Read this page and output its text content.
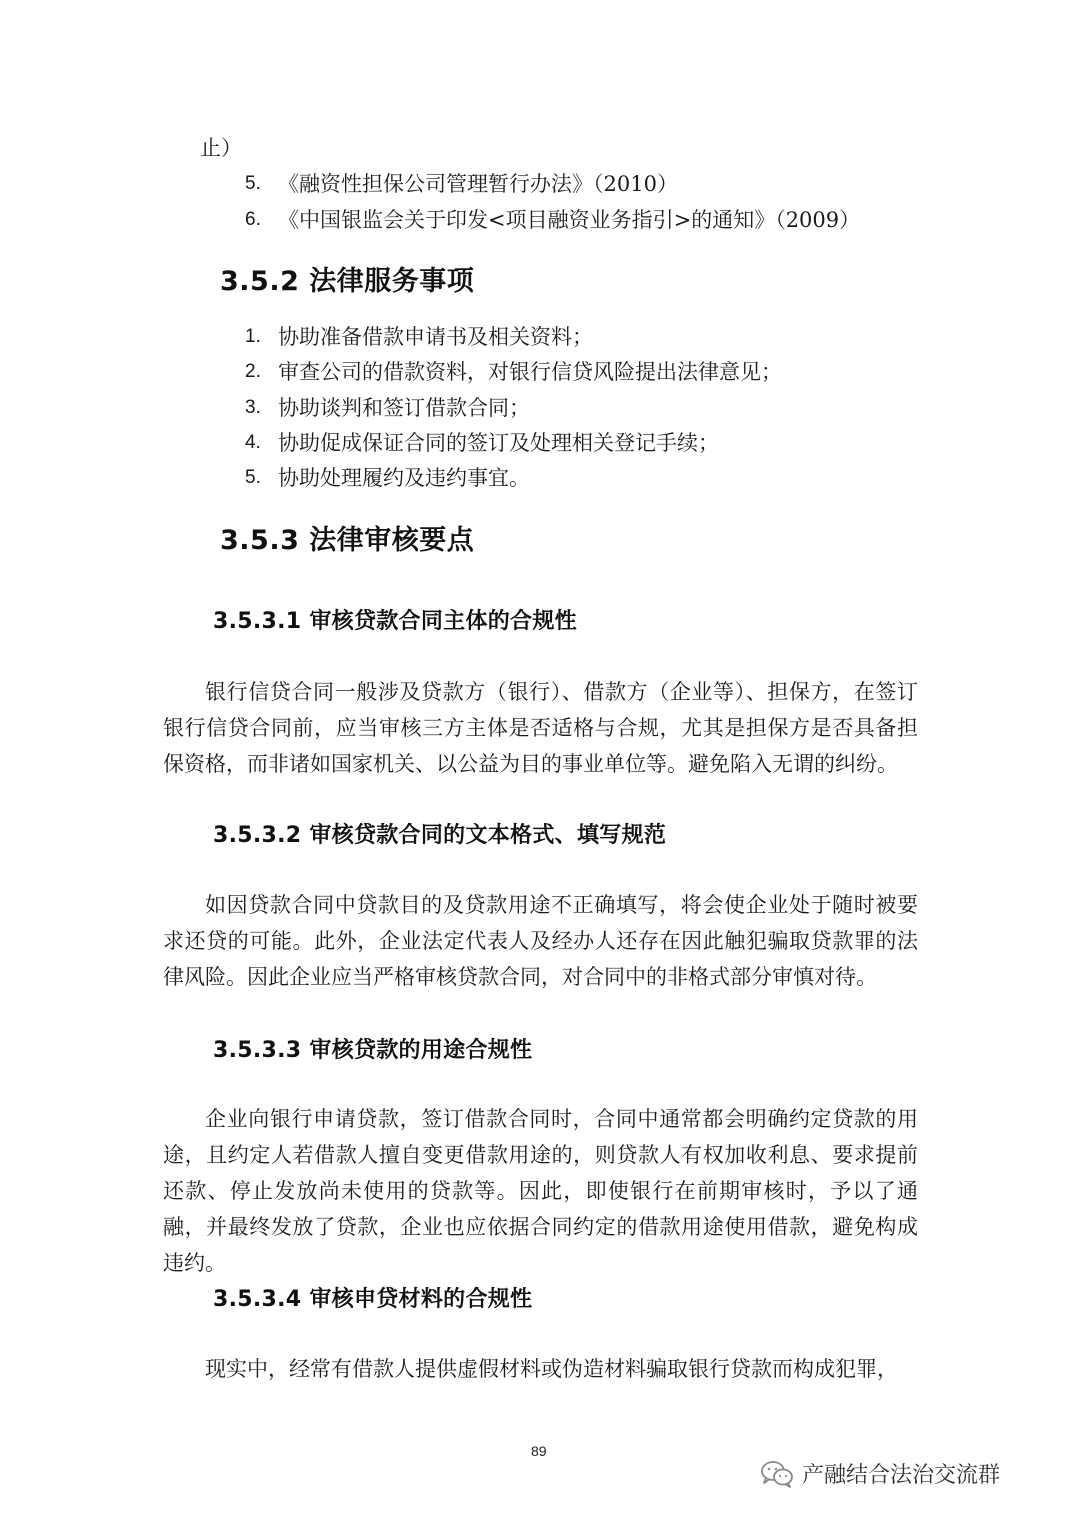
止）
5. 《融资性担保公司管理暂行办法》（2010）
6. 《中国银监会关于印发<项目融资业务指引>的通知》（2009）
3.5.2 法律服务事项
1. 协助准备借款申请书及相关资料；
2. 审查公司的借款资料，对银行信贷风险提出法律意见；
3. 协助谈判和签订借款合同；
4. 协助促成保证合同的签订及处理相关登记手续；
5. 协助处理履约及违约事宜。
3.5.3 法律审核要点
3.5.3.1 审核贷款合同主体的合规性

银行信贷合同一般涉及贷款方（银行）、借款方（企业等）、担保方，在签订银行信贷合同前，应当审核三方主体是否适格与合规，尤其是担保方是否具备担保资格，而非诸如国家机关、以公益为目的事业单位等。避免陷入无谓的纠纷。

3.5.3.2 审核贷款合同的文本格式、填写规范

如因贷款合同中贷款目的及贷款用途不正确填写，将会使企业处于随时被要求还贷的可能。此外，企业法定代表人及经办人还存在因此触犯骗取贷款罪的法律风险。因此企业应当严格审核贷款合同，对合同中的非格式部分审慎对待。

3.5.3.3 审核贷款的用途合规性

企业向银行申请贷款，签订借款合同时，合同中通常都会明确约定贷款的用途，且约定人若借款人擅自变更借款用途的，则贷款人有权加收利息、要求提前还款、停止发放尚未使用的贷款等。因此，即使银行在前期审核时，予以了通融，并最终发放了贷款，企业也应依据合同约定的借款用途使用借款，避免构成违约。

3.5.3.4 审核申贷材料的合规性

现实中，经常有借款人提供虚假材料或伪造材料骗取银行贷款而构成犯罪，

89
产融结合法治交流群
